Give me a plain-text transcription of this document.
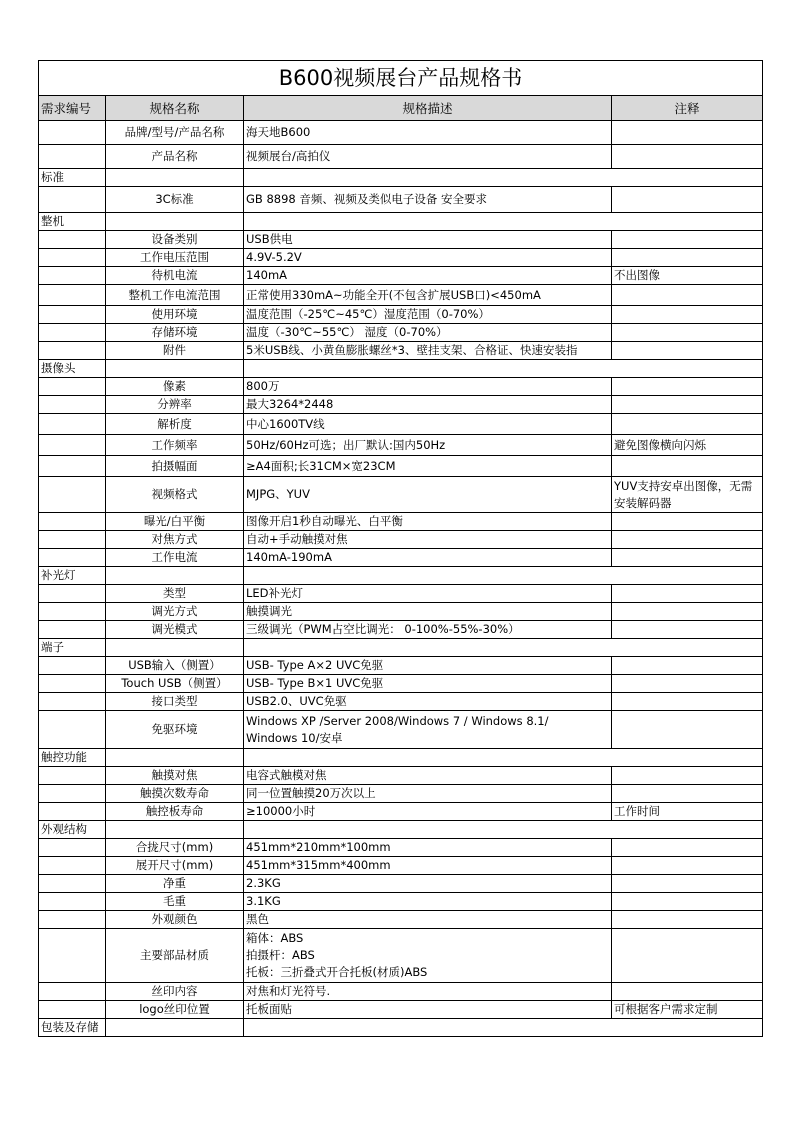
B600视频展台产品规格书			
需求编号	规格名称	规格描述	注释
	品牌/型号/产品名称	海天地B600	

	产品名称	视频展台/高拍仪	

标准			
	3C标准	GB 8898 音频、视频及类似电子设备 安全要求	

整机			
	设备类别	USB供电	

	工作电压范围	4.9V-5.2V	

	待机电流	140mA	不出图像
	整机工作电流范围	正常使用330mA~功能全开(不包含扩展USB口)<450mA	

	使用环境	温度范围（-25℃~45℃）湿度范围（0-70%）	

	存储环境	温度（-30℃~55℃） 湿度（0-70%）	

	附件	5米USB线、小黄鱼膨胀螺丝*3、壁挂支架、合格证、快速安装指	

摄像头			
	像素	800万	

	分辨率	最大3264*2448	

	解析度	中心1600TV线	

	工作频率	50Hz/60Hz可选；出厂默认:国内50Hz	避免图像横向闪烁
	拍摄幅面	≥A4面积;长31CM×宽23CM	

	视频格式	MJPG、YUV	YUV支持安卓出图像，无需安装解码器
	曝光/白平衡	图像开启1秒自动曝光、白平衡	

	对焦方式	自动+手动触摸对焦	

	工作电流	140mA-190mA	

补光灯			
	类型	LED补光灯	

	调光方式	触摸调光	

	调光模式	三级调光（PWM占空比调光： 0-100%-55%-30%）	

端子			
	USB输入（侧置）	USB- Type A×2 UVC免驱	

	Touch USB（侧置）	USB- Type B×1 UVC免驱	

	接口类型	USB2.0、UVC免驱	

	免驱环境	Windows XP /Server 2008/Windows 7 / Windows 8.1/
Windows 10/安卓	

触控功能			
	触摸对焦	电容式触模对焦	

	触摸次数寿命	同一位置触摸20万次以上	

	触控板寿命	≥10000小时	工作时间
外观结构			
	合拢尺寸(mm)	451mm*210mm*100mm	

	展开尺寸(mm)	451mm*315mm*400mm	

	净重	2.3KG	

	毛重	3.1KG	

	外观颜色	黑色	

	主要部品材质	箱体：ABS
拍摄杆：ABS
托板：三折叠式开合托板(材质)ABS	

	丝印内容	对焦和灯光符号.	

	logo丝印位置	托板面贴	可根据客户需求定制
包装及存储			
